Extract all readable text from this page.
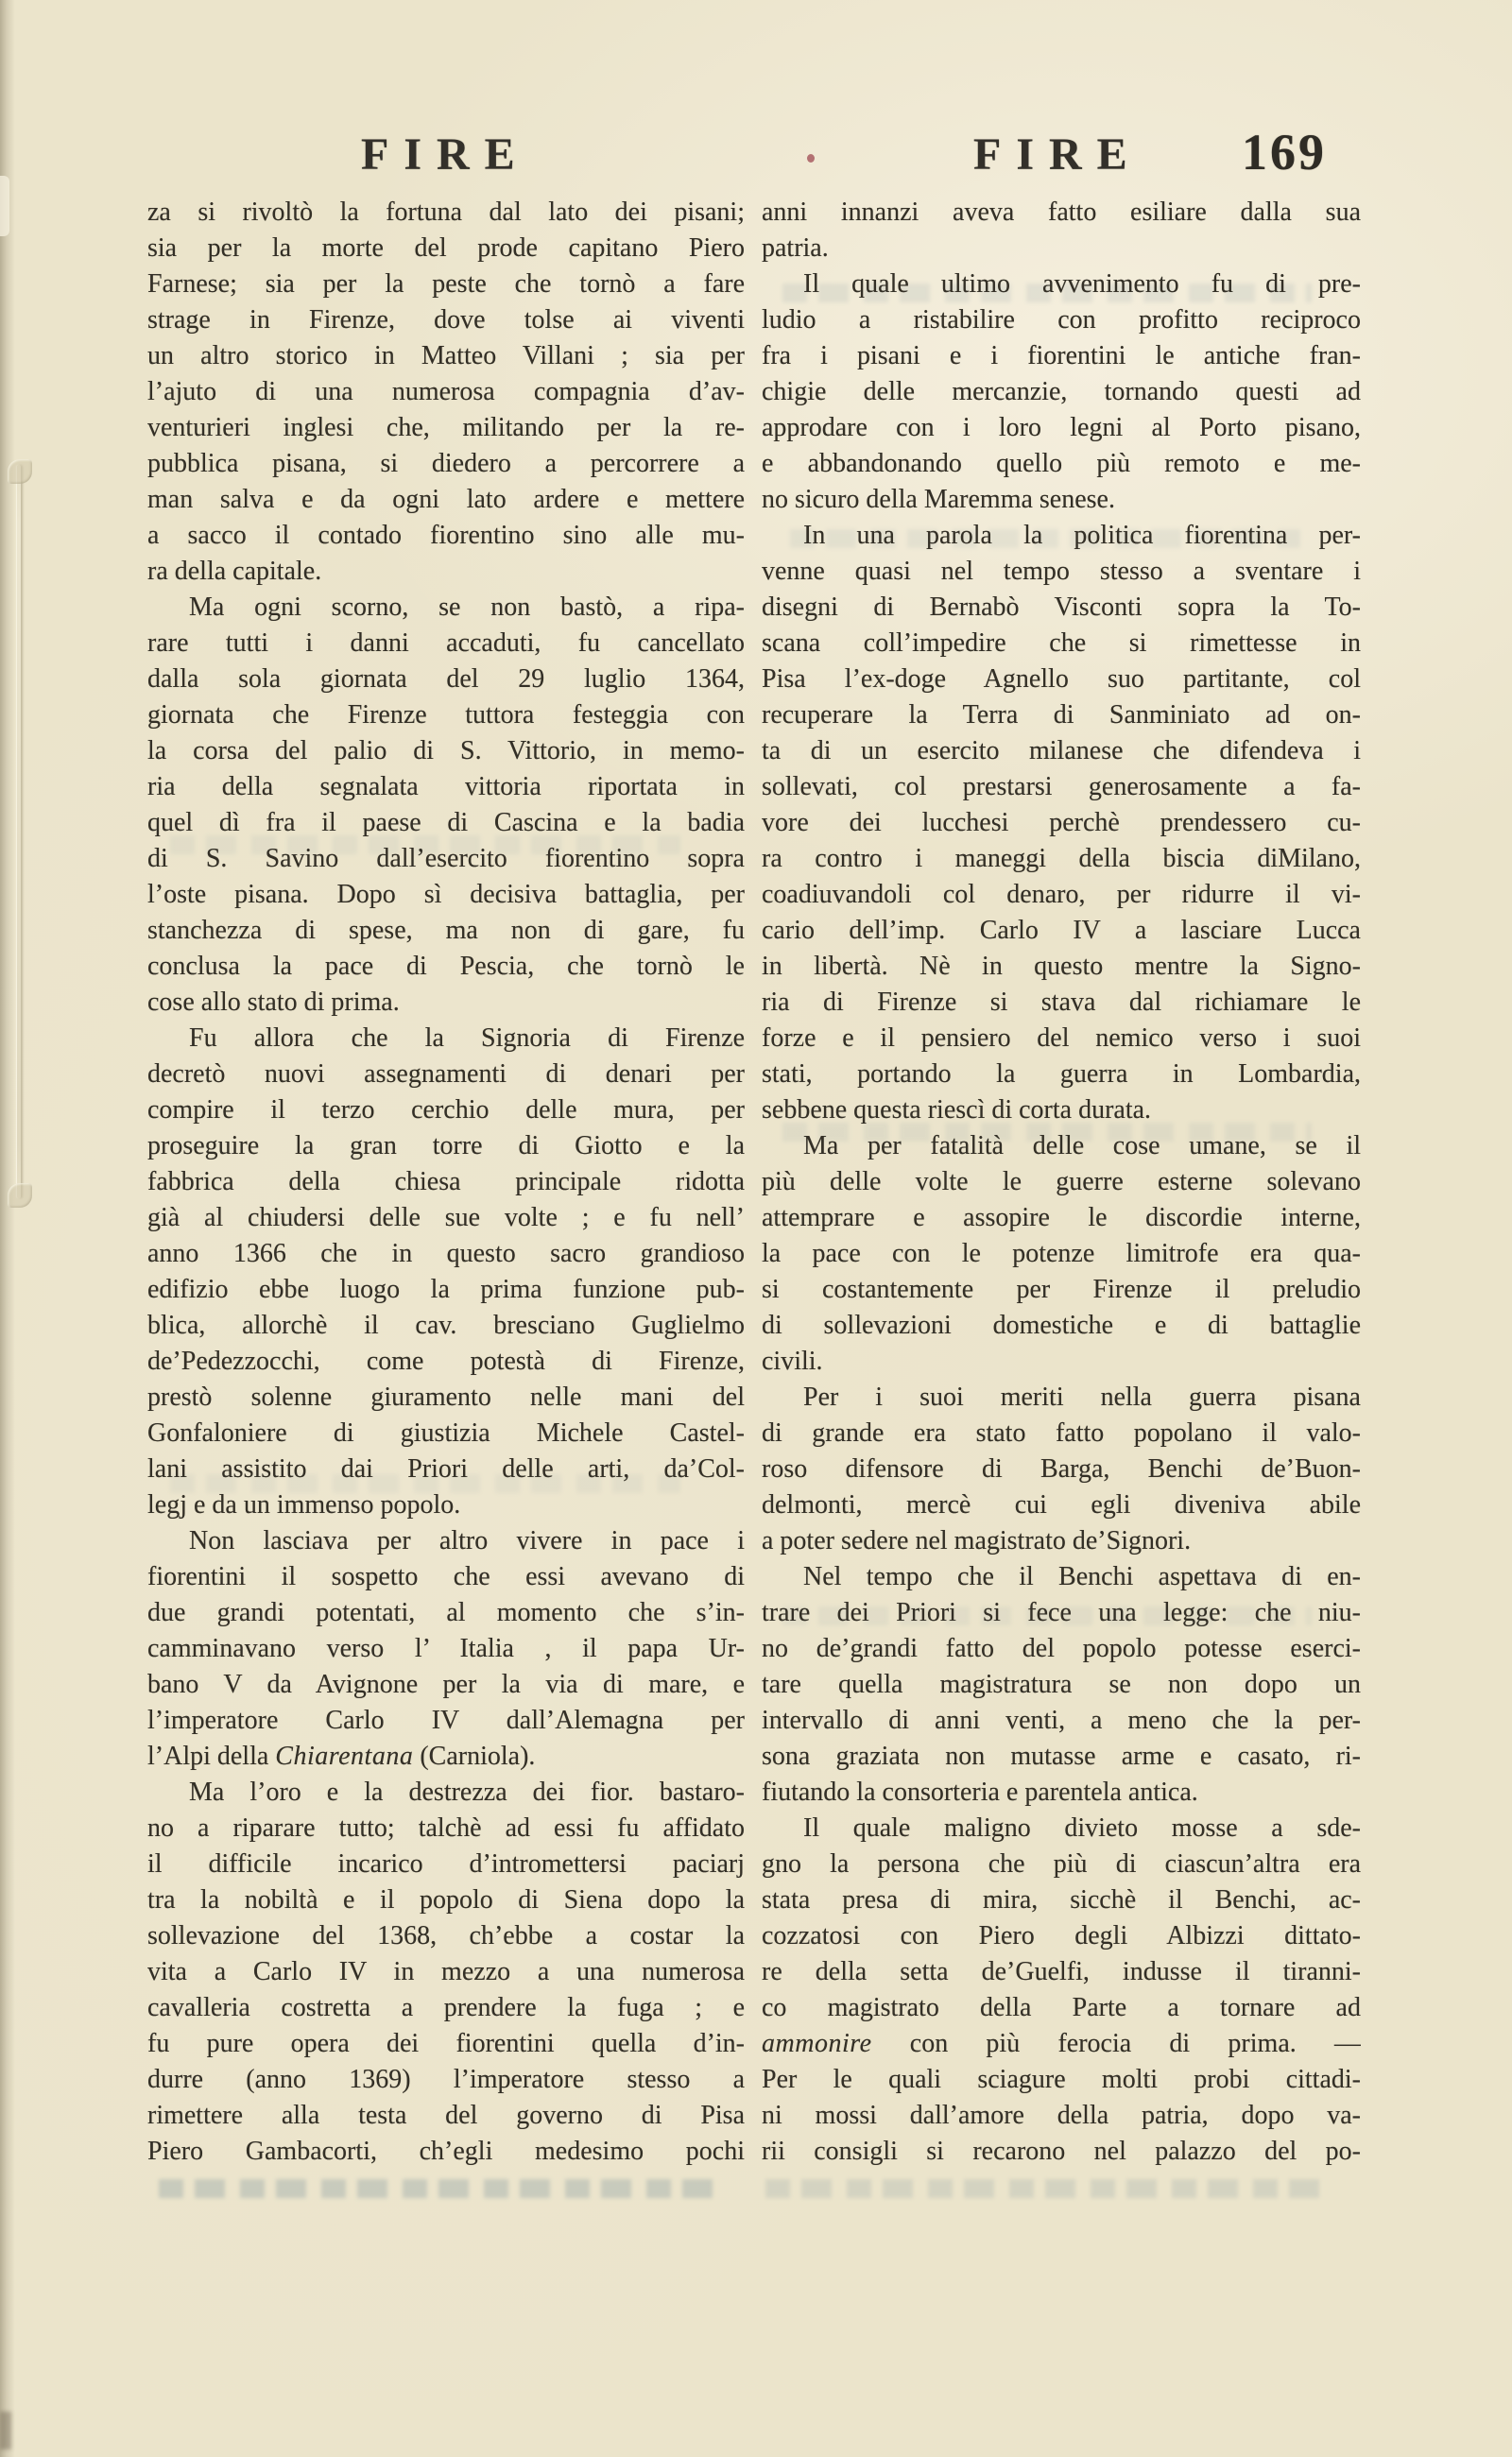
FIRE	FIRE 169
za si rivoltò la fortuna dal lato dei pisani;
sia per la morte del prode capitano Piero
Farnese; sia per la peste che tornò a fare
strage in Firenze, dove tolse ai viventi
un altro storico in Matteo Villani ; sia per
l’ajuto di una numerosa compagnia d’av-
venturieri inglesi che, militando per la re-
pubblica pisana, si diedero a percorrere a
man salva e da ogni lato ardere e mettere
a sacco il contado fiorentino sino alle mu-
ra della capitale.
Ma ogni scorno, se non bastò, a ripa-
rare tutti i danni accaduti, fu cancellato
dalla sola giornata del 29 luglio 1364,
giornata che Firenze tuttora festeggia con
la corsa del palio di S. Vittorio, in memo-
ria della segnalata vittoria riportata in
quel dì fra il paese di Cascina e la badia
di S. Savino dall’esercito fiorentino sopra
l’oste pisana. Dopo sì decisiva battaglia, per
stanchezza di spese, ma non di gare, fu
conclusa la pace di Pescia, che tornò le
cose allo stato di prima.
Fu allora che la Signoria di Firenze
decretò nuovi assegnamenti di denari per
compire il terzo cerchio delle mura, per
proseguire la gran torre di Giotto e la
fabbrica della chiesa principale ridotta
già al chiudersi delle sue volte ; e fu nell’
anno 1366 che in questo sacro grandioso
edifizio ebbe luogo la prima funzione pub-
blica, allorchè il cav. bresciano Guglielmo
de’Pedezzocchi, come potestà di Firenze,
prestò solenne giuramento nelle mani del
Gonfaloniere di giustizia Michele Castel-
lani assistito dai Priori delle arti, da’Col-
legj e da un immenso popolo.
Non lasciava per altro vivere in pace i
fiorentini il sospetto che essi avevano di
due grandi potentati, al momento che s’in-
camminavano verso l’ Italia , il papa Ur-
bano V da Avignone per la via di mare, e
l’imperatore Carlo IV dall’Alemagna per
l’Alpi della Chiarentana (Carniola).
Ma l’oro e la destrezza dei fior. bastaro-
no a riparare tutto; talchè ad essi fu affidato
il difficile incarico d’intromettersi paciarj
tra la nobiltà e il popolo di Siena dopo la
sollevazione del 1368, ch’ebbe a costar la
vita a Carlo IV in mezzo a una numerosa
cavalleria costretta a prendere la fuga ; e
fu pure opera dei fiorentini quella d’in-
durre (anno 1369) l’imperatore stesso a
rimettere alla testa del governo di Pisa
Piero Gambacorti, ch’egli medesimo pochi
anni innanzi aveva fatto esiliare dalla sua
patria.
Il quale ultimo avvenimento fu di pre-
ludio a ristabilire con profitto reciproco
fra i pisani e i fiorentini le antiche fran-
chigie delle mercanzie, tornando questi ad
approdare con i loro legni al Porto pisano,
e abbandonando quello più remoto e me-
no sicuro della Maremma senese.
In una parola la politica fiorentina per-
venne quasi nel tempo stesso a sventare i
disegni di Bernabò Visconti sopra la To-
scana coll’impedire che si rimettesse in
Pisa l’ex-doge Agnello suo partitante, col
recuperare la Terra di Sanminiato ad on-
ta di un esercito milanese che difendeva i
sollevati, col prestarsi generosamente a fa-
vore dei lucchesi perchè prendessero cu-
ra contro i maneggi della biscia diMilano,
coadiuvandoli col denaro, per ridurre il vi-
cario dell’imp. Carlo IV a lasciare Lucca
in libertà. Nè in questo mentre la Signo-
ria di Firenze si stava dal richiamare le
forze e il pensiero del nemico verso i suoi
stati, portando la guerra in Lombardia,
sebbene questa riescì di corta durata.
Ma per fatalità delle cose umane, se il
più delle volte le guerre esterne solevano
attemprare e assopire le discordie interne,
la pace con le potenze limitrofe era qua-
si costantemente per Firenze il preludio
di sollevazioni domestiche e di battaglie
civili.
Per i suoi meriti nella guerra pisana
di grande era stato fatto popolano il valo-
roso difensore di Barga, Benchi de’Buon-
delmonti, mercè cui egli diveniva abile
a poter sedere nel magistrato de’Signori.
Nel tempo che il Benchi aspettava di en-
trare dei Priori si fece una legge: che niu-
no de’grandi fatto del popolo potesse eserci-
tare quella magistratura se non dopo un
intervallo di anni venti, a meno che la per-
sona graziata non mutasse arme e casato, ri-
fiutando la consorteria e parentela antica.
Il quale maligno divieto mosse a sde-
gno la persona che più di ciascun’altra era
stata presa di mira, sicchè il Benchi, ac-
cozzatosi con Piero degli Albizzi dittato-
re della setta de’Guelfi, indusse il tiranni-
co magistrato della Parte a tornare ad
ammonire con più ferocia di prima. —
Per le quali sciagure molti probi cittadi-
ni mossi dall’amore della patria, dopo va-
rii consigli si recarono nel palazzo del po-
